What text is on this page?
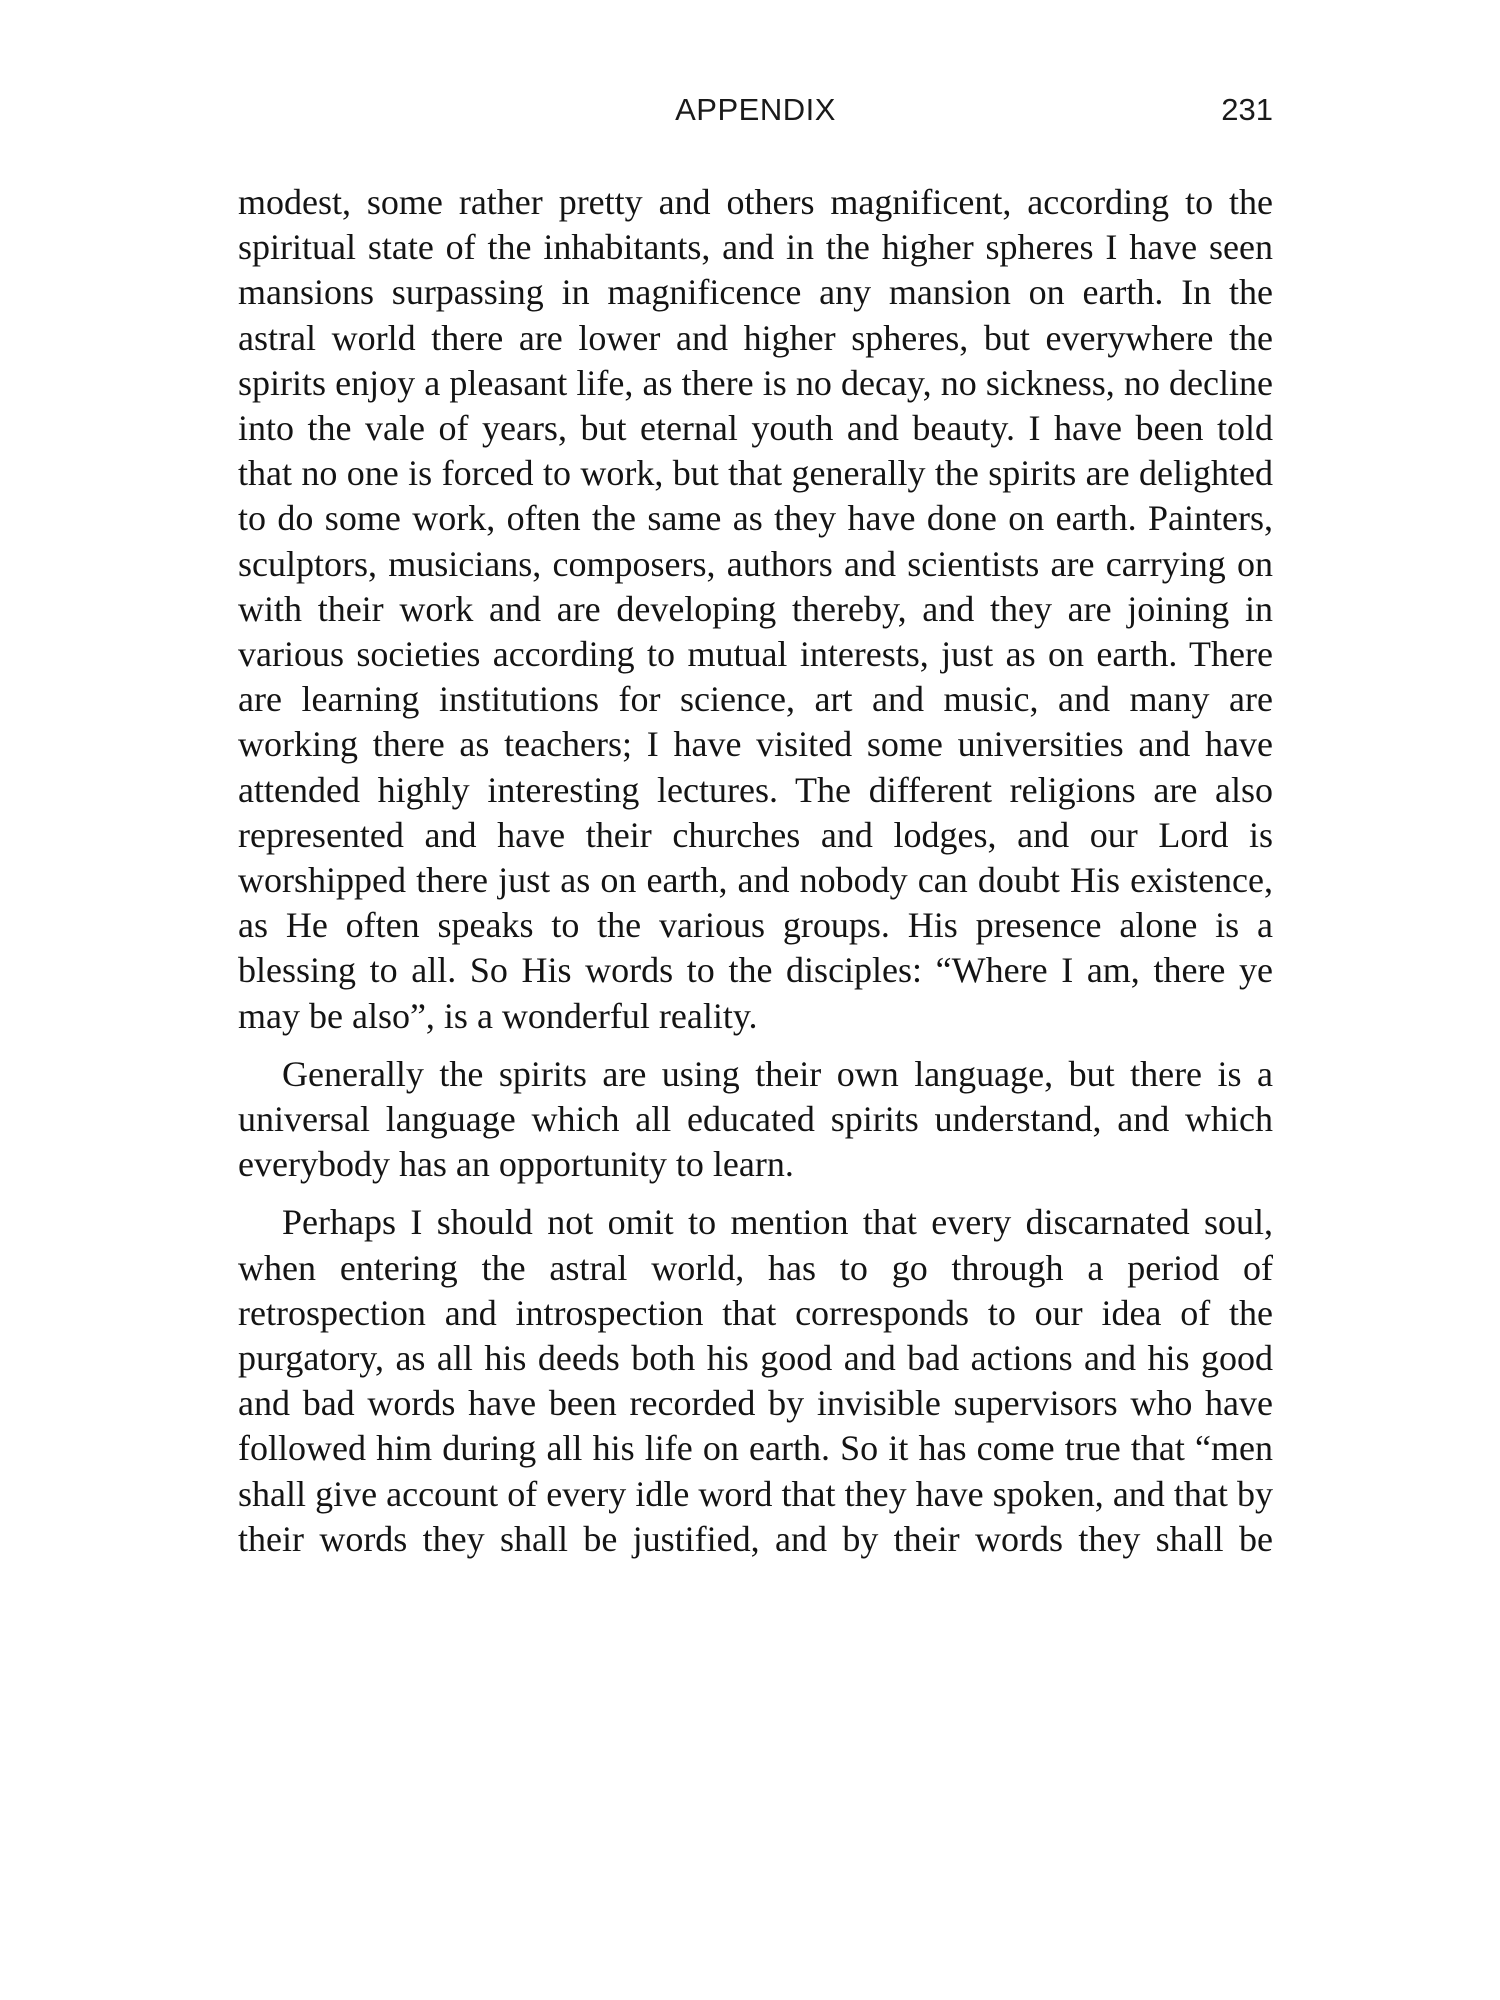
APPENDIX	231

modest, some rather pretty and others magnificent, according to the spiritual state of the inhabitants, and in the higher spheres I have seen mansions surpassing in magnificence any mansion on earth. In the astral world there are lower and higher spheres, but everywhere the spirits enjoy a pleasant life, as there is no decay, no sickness, no decline into the vale of years, but eternal youth and beauty. I have been told that no one is forced to work, but that generally the spirits are delighted to do some work, often the same as they have done on earth. Painters, sculptors, musicians, composers, authors and scientists are carrying on with their work and are developing thereby, and they are joining in various societies according to mutual interests, just as on earth. There are learning institutions for science, art and music, and many are working there as teachers; I have visited some universities and have attended highly interesting lectures. The different religions are also represented and have their churches and lodges, and our Lord is worshipped there just as on earth, and nobody can doubt His existence, as He often speaks to the various groups. His presence alone is a blessing to all. So His words to the disciples: “Where I am, there ye may be also”, is a wonderful reality.

Generally the spirits are using their own language, but there is a universal language which all educated spirits understand, and which everybody has an opportunity to learn.

Perhaps I should not omit to mention that every discarnated soul, when entering the astral world, has to go through a period of retrospection and introspection that corresponds to our idea of the purgatory, as all his deeds both his good and bad actions and his good and bad words have been recorded by invisible supervisors who have followed him during all his life on earth. So it has come true that “men shall give account of every idle word that they have spoken, and that by their words they shall be justified, and by their words they shall be
